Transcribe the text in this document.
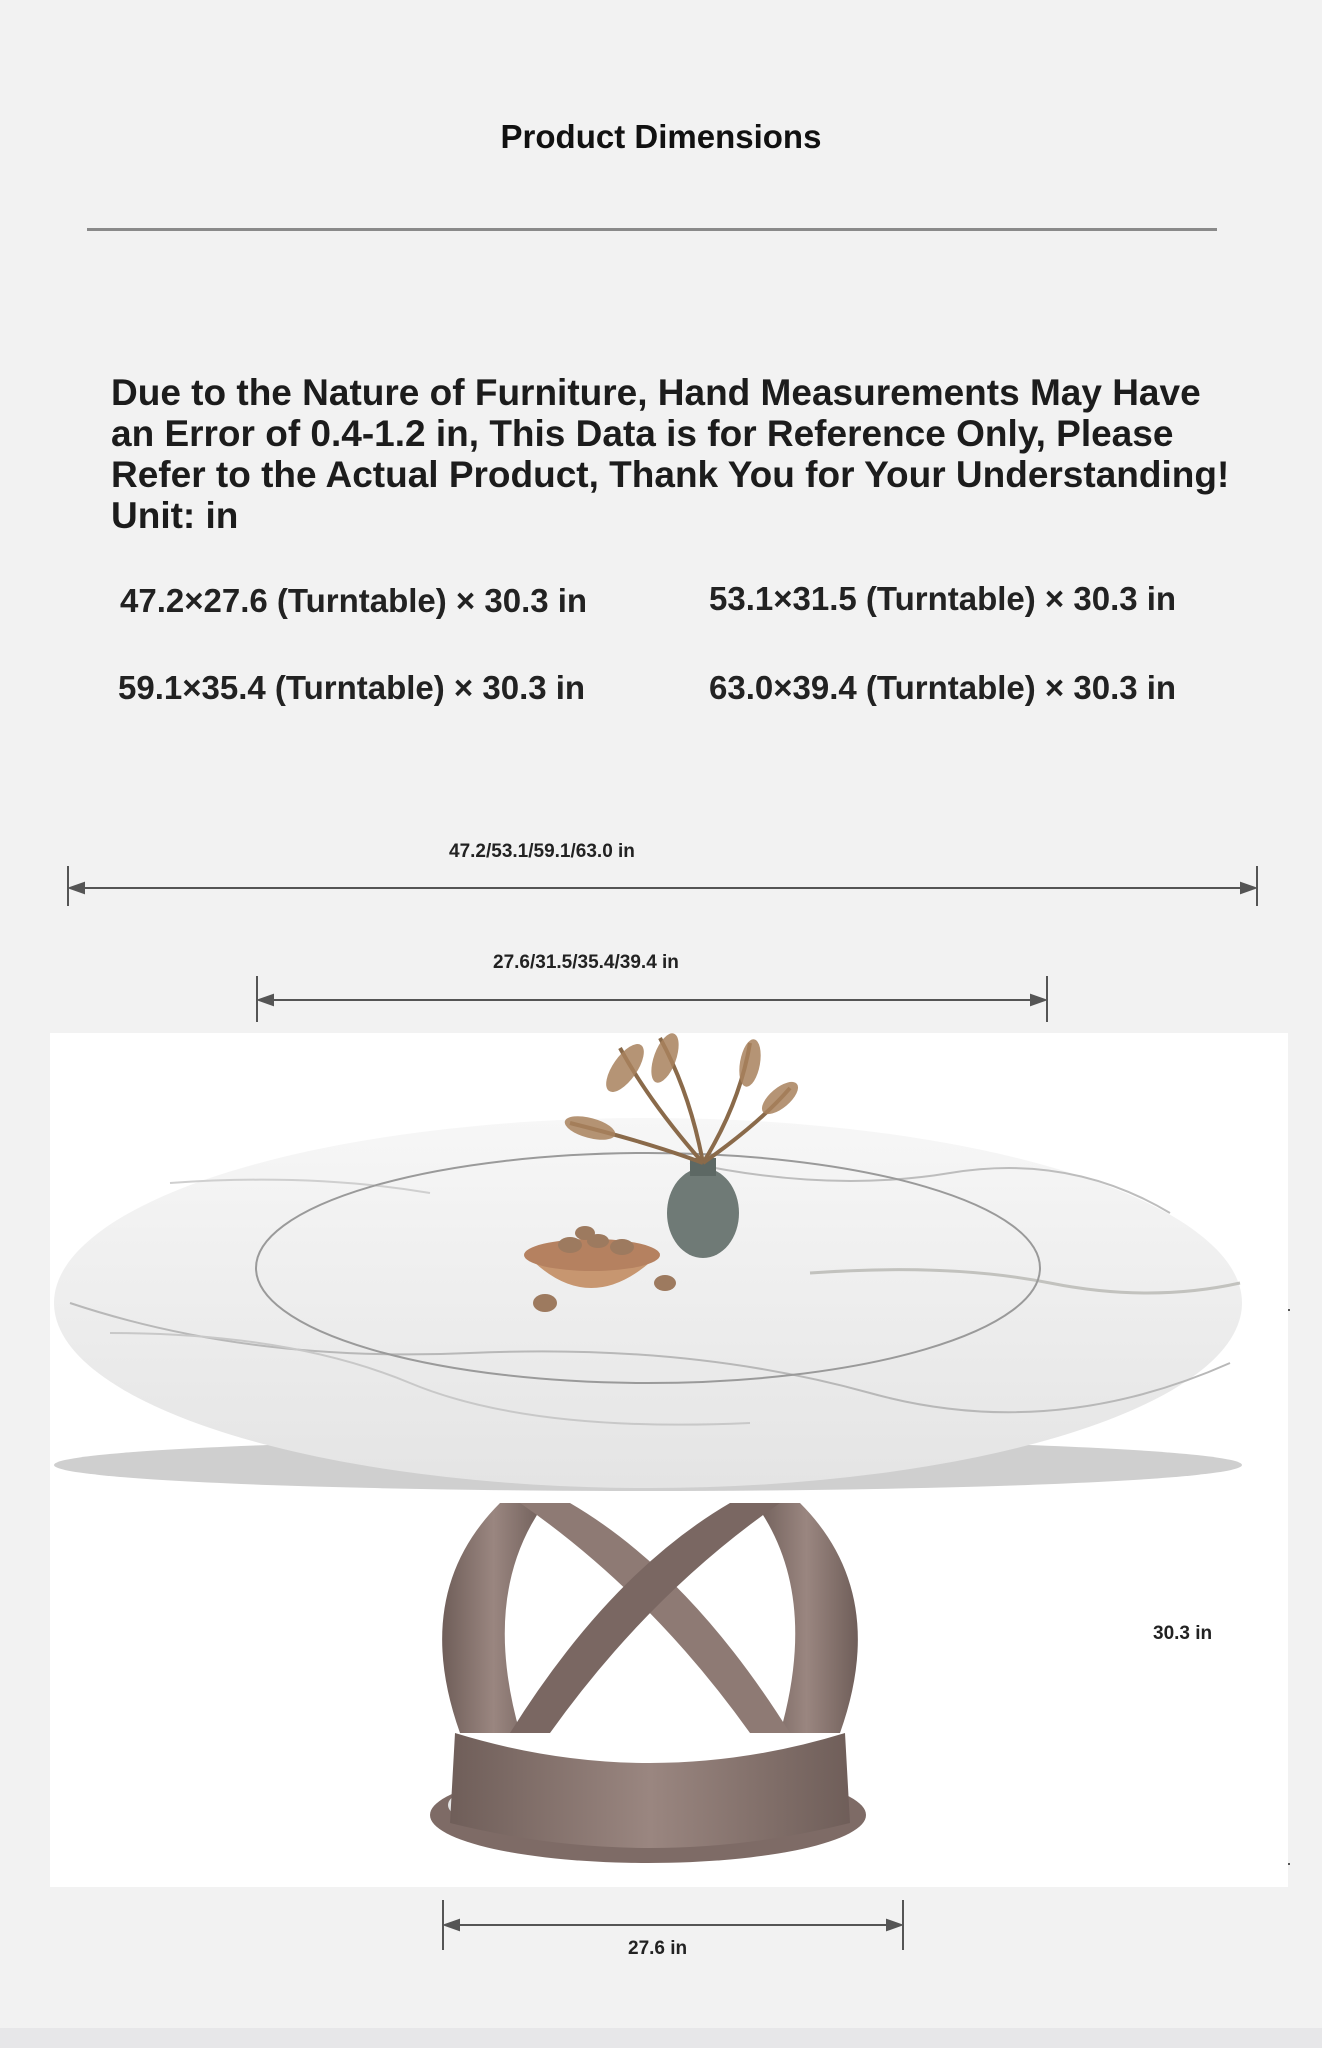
Product Dimensions
Due to the Nature of Furniture, Hand Measurements May Have an Error of 0.4-1.2 in, This Data is for Reference Only, Please Refer to the Actual Product, Thank You for Your Understanding! Unit: in
47.2×27.6 (Turntable) × 30.3 in	53.1×31.5 (Turntable) × 30.3 in
59.1×35.4 (Turntable) × 30.3 in	63.0×39.4 (Turntable) × 30.3 in
47.2/53.1/59.1/63.0 in
27.6/31.5/35.4/39.4 in
30.3 in
27.6 in
